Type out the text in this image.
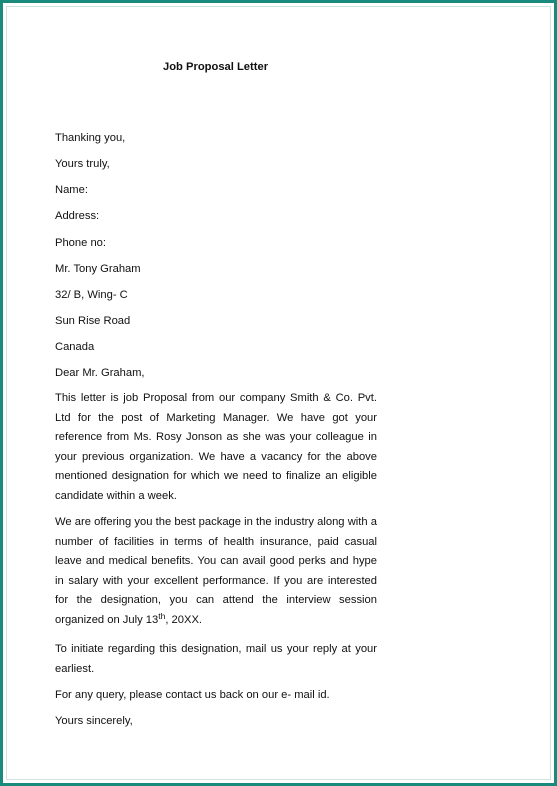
Job Proposal Letter
Thanking you,
Yours truly,
Name:
Address:
Phone no:
Mr. Tony Graham
32/ B, Wing- C
Sun Rise Road
Canada
Dear Mr. Graham,
This letter is job Proposal from our company Smith & Co. Pvt. Ltd for the post of Marketing Manager. We have got your reference from Ms. Rosy Jonson as she was your colleague in your previous organization. We have a vacancy for the above mentioned designation for which we need to finalize an eligible candidate within a week.
We are offering you the best package in the industry along with a number of facilities in terms of health insurance, paid casual leave and medical benefits. You can avail good perks and hype in salary with your excellent performance. If you are interested for the designation, you can attend the interview session organized on July 13th, 20XX.
To initiate regarding this designation, mail us your reply at your earliest.
For any query, please contact us back on our e- mail id.
Yours sincerely,
